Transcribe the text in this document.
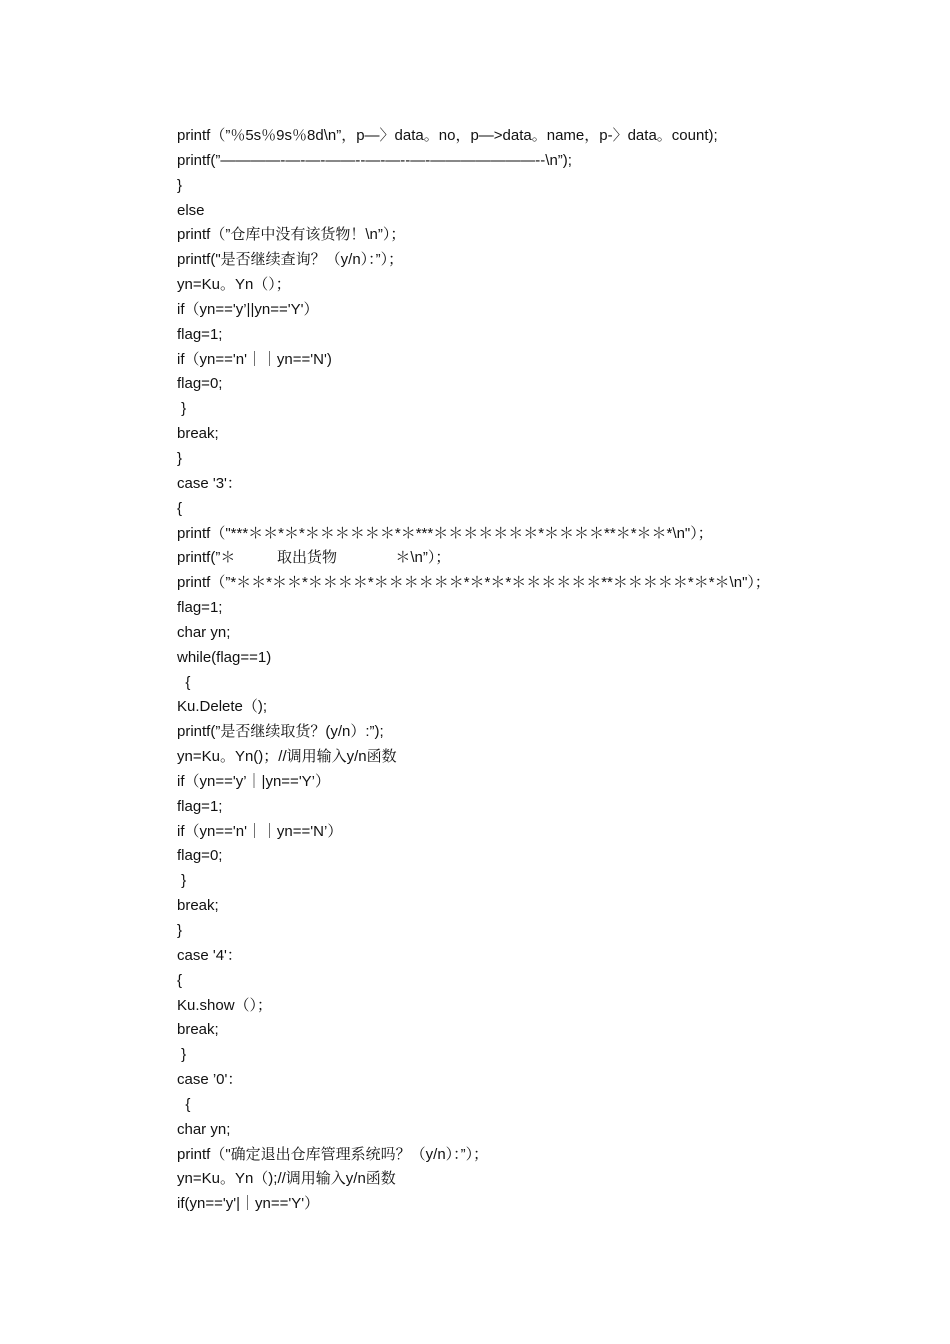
printf（”％5s％9s％8d\n”，p—〉data。no，p—>data。name，p-〉data。count);
printf(”————-—-—-——--—-—--—-———————--\n”);
}
else
printf（”仓库中没有该货物！\n”）；
printf("是否继续查询？（y/n）：”）；
yn=Ku。Yn（）；
if（yn=='y’||yn=='Y'）
flag=1;
if（yn=='n'｜｜yn=='N')
flag=0;
}
break;
}
case '3'：
{
printf（"***＊＊*＊*＊＊＊＊＊＊*＊***＊＊＊＊＊＊＊*＊＊＊＊**＊*＊＊*\n"）；
printf(”＊          取出货物              ＊\n”）；
printf（”*＊＊*＊＊*＊＊＊＊*＊＊＊＊＊＊*＊*＊*＊＊＊＊＊＊**＊＊＊＊＊*＊*＊\n"）；
flag=1;
char yn;
while(flag==1)
{
Ku.Delete（);
printf(”是否继续取货？(y/n）:”);
yn=Ku。Yn()；//调用输入y/n函数
if（yn=='y’｜|yn=='Y’）
flag=1;
if（yn=='n'｜｜yn=='N’）
flag=0;
}
break;
}
case '4'：
{
Ku.show（）；
break;
}
case ’0'：
{
char yn;
printf（"确定退出仓库管理系统吗？（y/n）：”）；
yn=Ku。Yn（);//调用输入y/n函数
if(yn=='y'|｜yn=='Y'）
